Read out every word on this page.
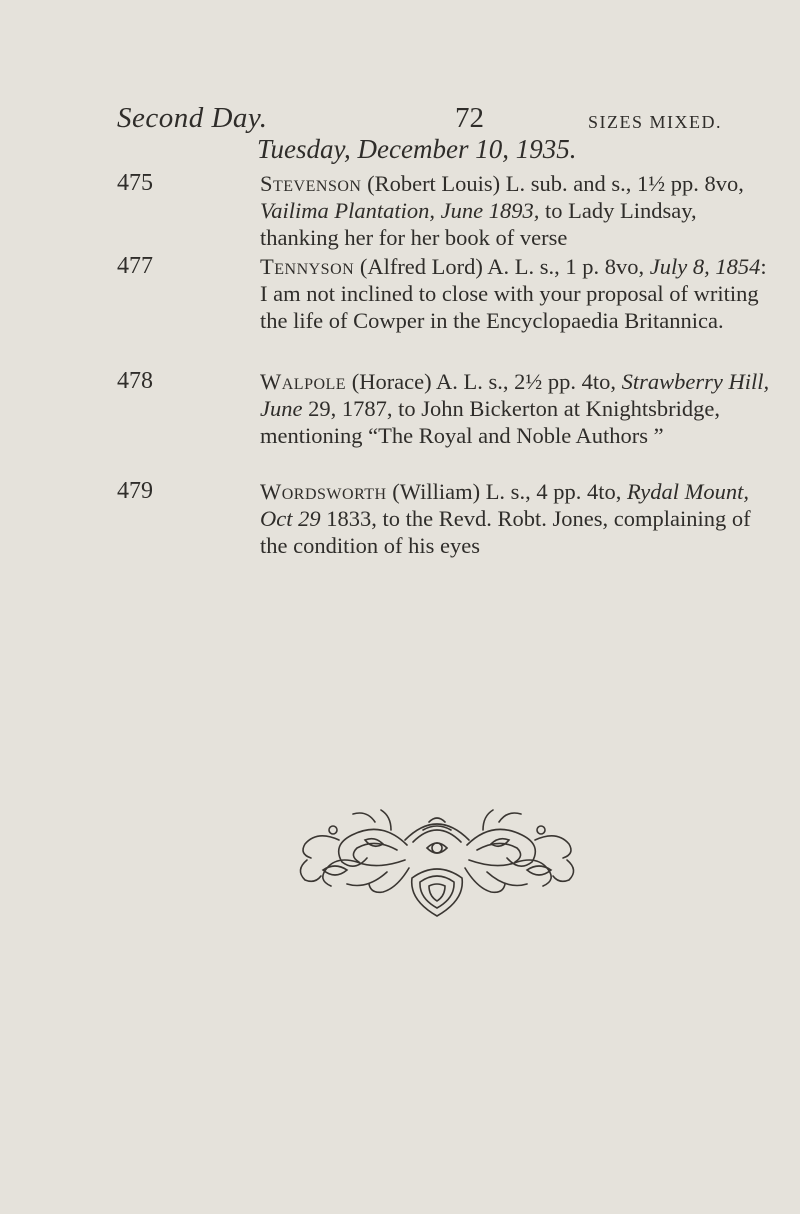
Second Day.	72	SIZES MIXED.
Tuesday, December 10, 1935.
475	Stevenson (Robert Louis) L. sub. and s., 1½ pp. 8vo, Vailima Plantation, June 1893, to Lady Lindsay, thanking her for her book of verse

477	Tennyson (Alfred Lord) A. L. s., 1 p. 8vo, July 8, 1854:
I am not inclined to close with your proposal of writing the life of Cowper in the Encyclopaedia Britannica.

478	Walpole (Horace) A. L. s., 2½ pp. 4to, Strawberry Hill, June 29, 1787, to John Bickerton at Knightsbridge, mentioning “The Royal and Noble Authors ”

479	Wordsworth (William) L. s., 4 pp. 4to, Rydal Mount, Oct 29 1833, to the Revd. Robt. Jones, complaining of the condition of his eyes
